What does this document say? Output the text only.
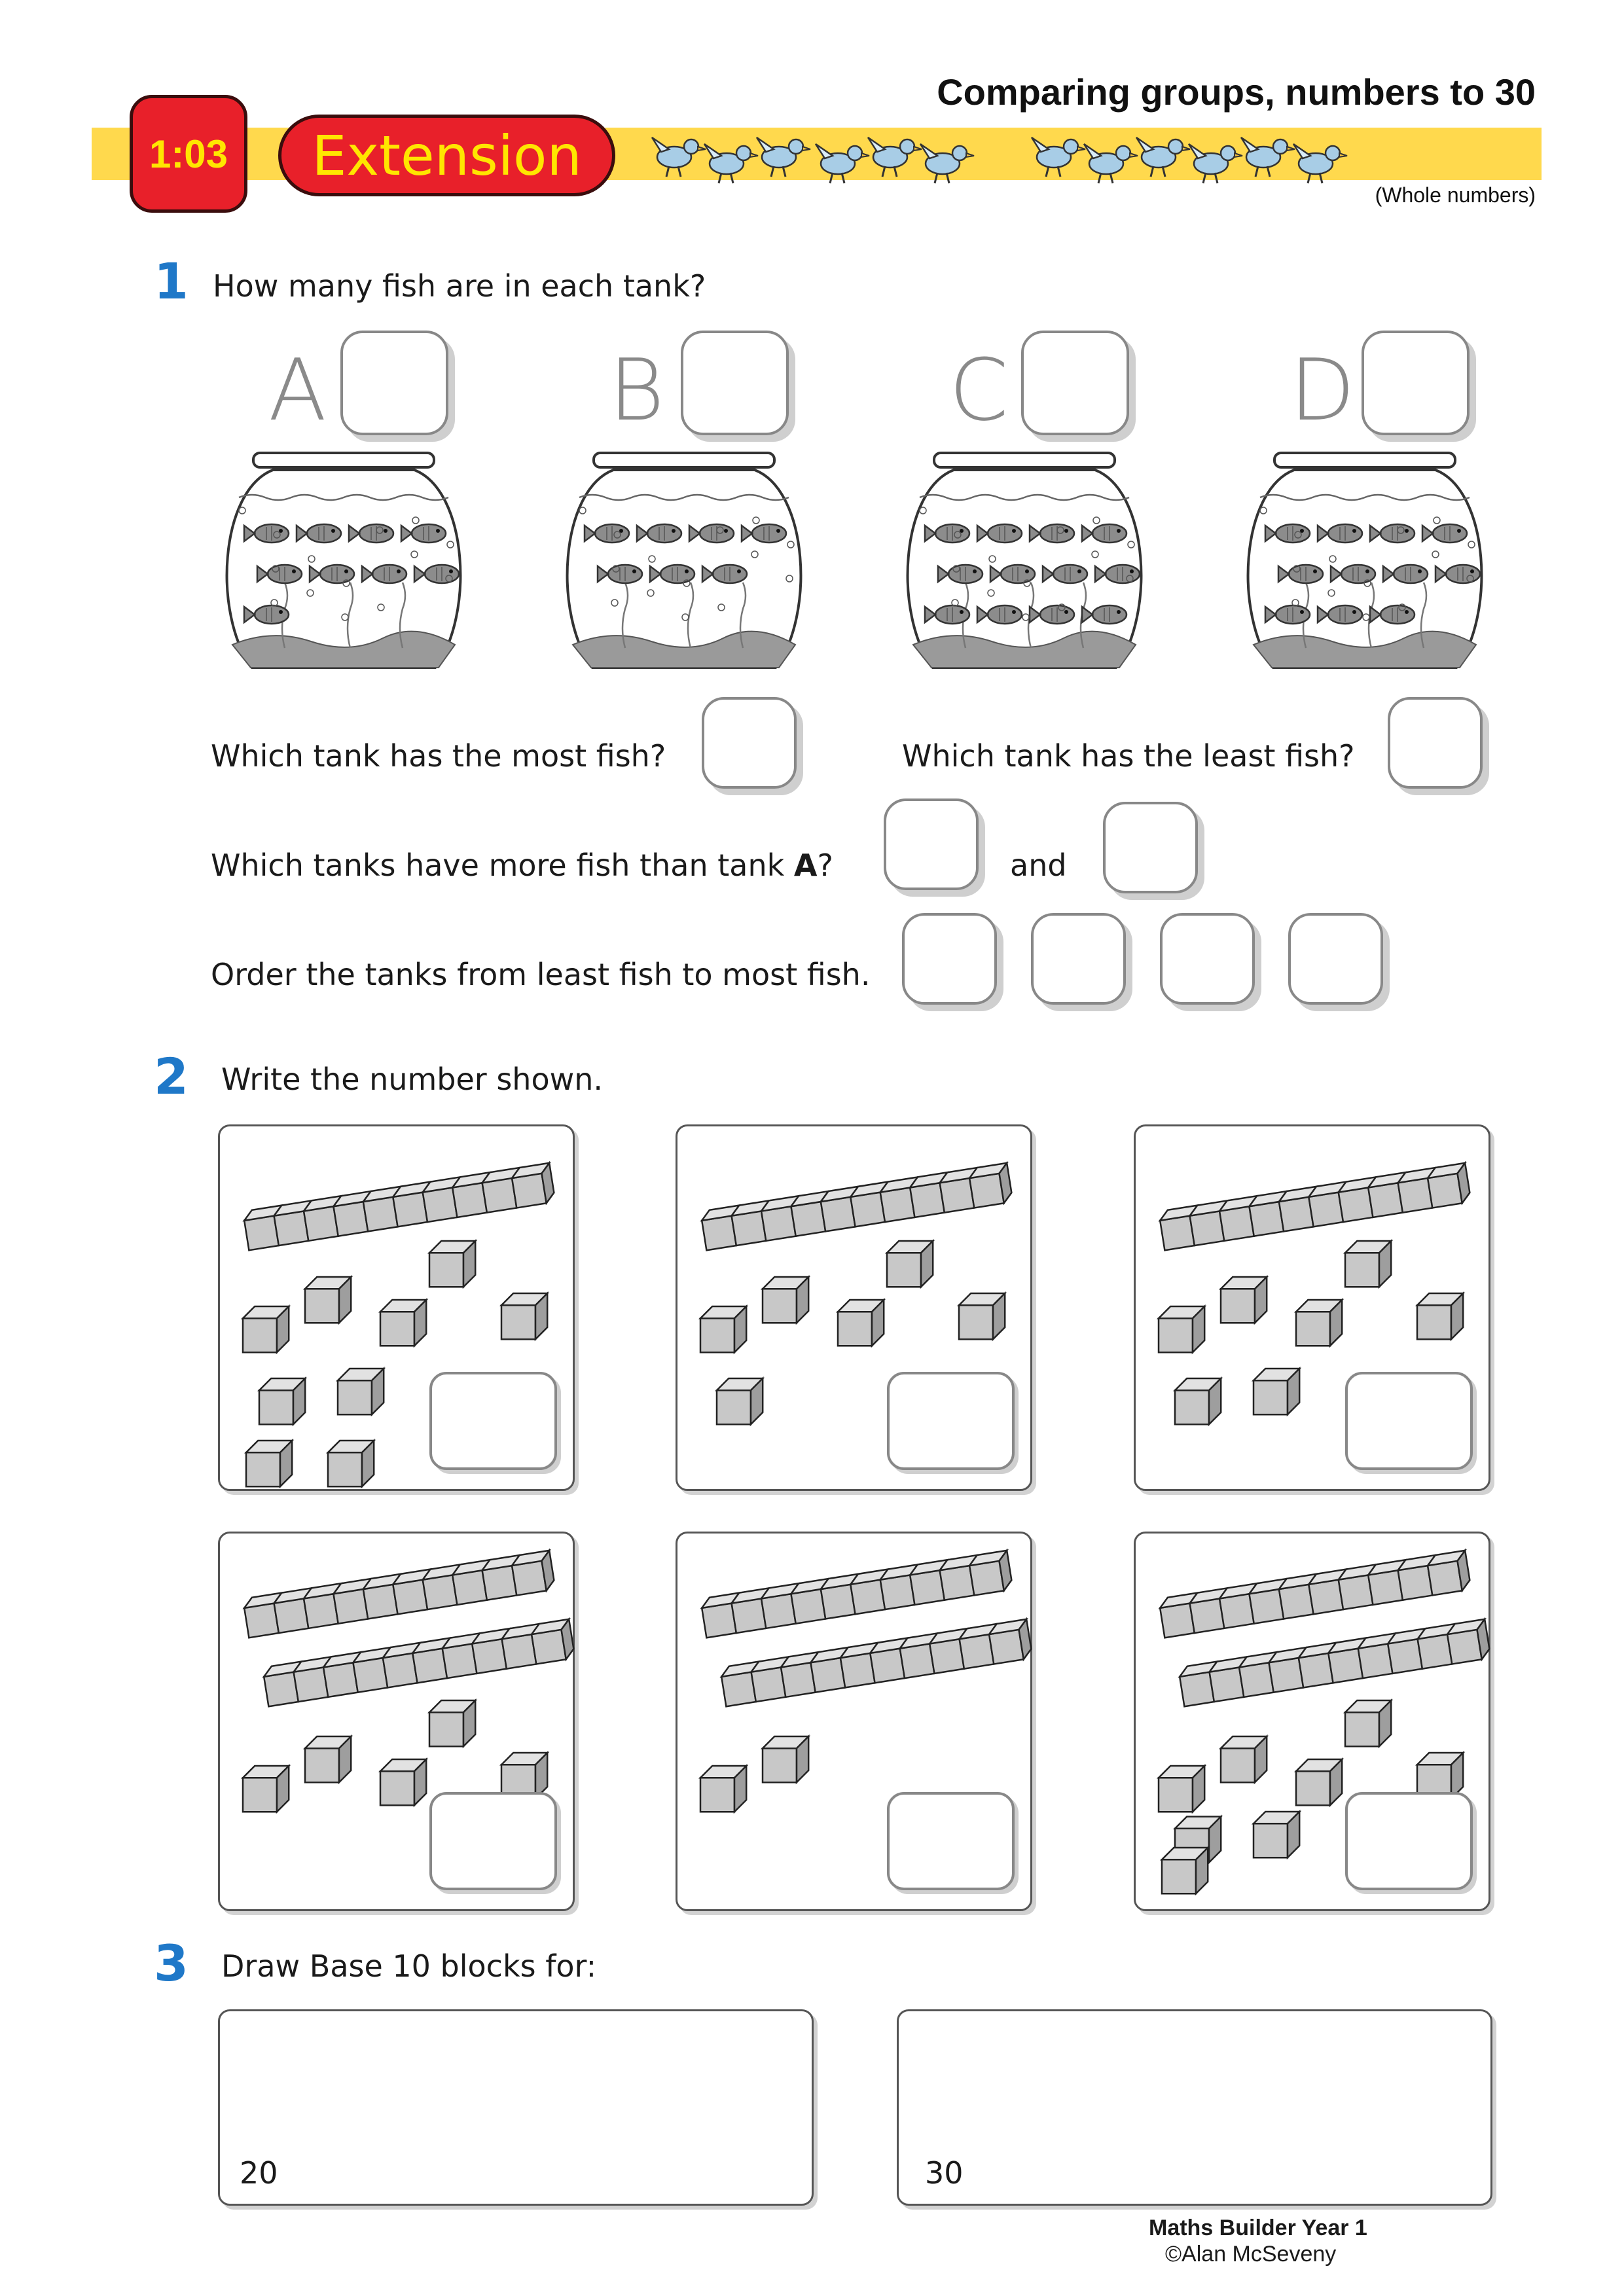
Comparing groups, numbers to 30
1:03	Extension
(Whole numbers)
1 How many fish are in each tank?
A	B	C	D
Which tank has the most fish?	Which tank has the least fish?
Which tanks have more fish than tank A?	and
Order the tanks from least fish to most fish.
2 Write the number shown.
3 Draw Base 10 blocks for:
20	30
Maths Builder Year 1
©Alan McSeveny
